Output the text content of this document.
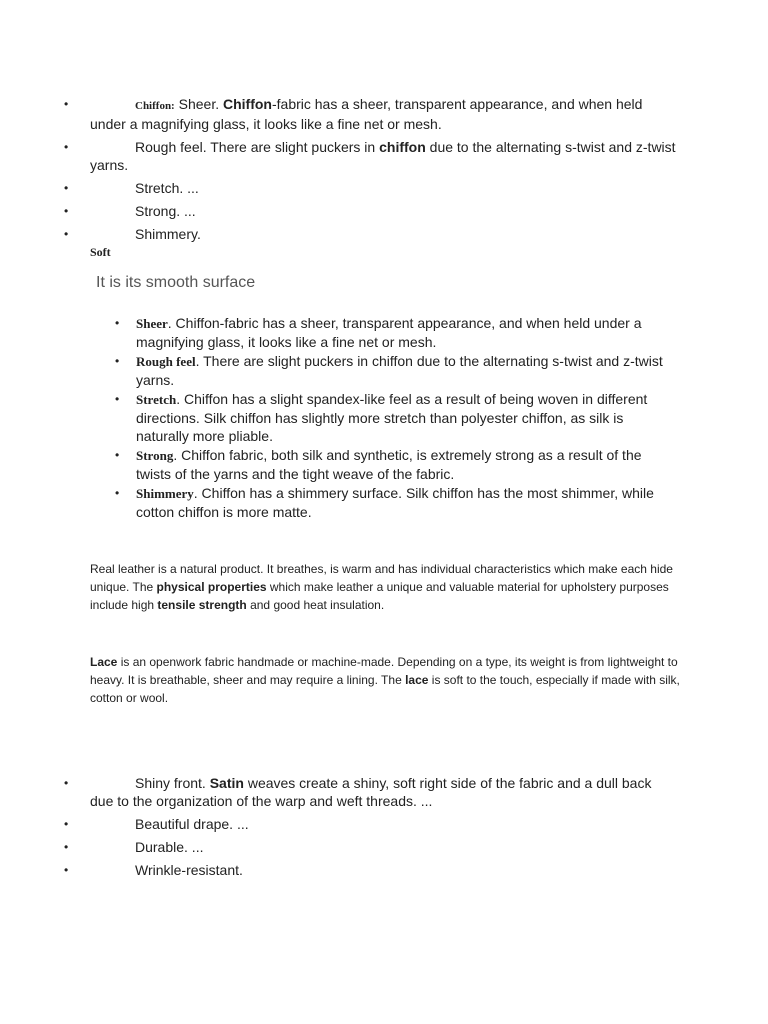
•	Chiffon: Sheer. Chiffon-fabric has a sheer, transparent appearance, and when held under a magnifying glass, it looks like a fine net or mesh.
•	Rough feel. There are slight puckers in chiffon due to the alternating s-twist and z-twist yarns.
•	Stretch. ...
•	Strong. ...
•	Shimmery.
Soft
It is its smooth surface
• Sheer. Chiffon-fabric has a sheer, transparent appearance, and when held under a magnifying glass, it looks like a fine net or mesh.
• Rough feel. There are slight puckers in chiffon due to the alternating s-twist and z-twist yarns.
• Stretch. Chiffon has a slight spandex-like feel as a result of being woven in different directions. Silk chiffon has slightly more stretch than polyester chiffon, as silk is naturally more pliable.
• Strong. Chiffon fabric, both silk and synthetic, is extremely strong as a result of the twists of the yarns and the tight weave of the fabric.
• Shimmery. Chiffon has a shimmery surface. Silk chiffon has the most shimmer, while cotton chiffon is more matte.
Real leather is a natural product. It breathes, is warm and has individual characteristics which make each hide unique. The physical properties which make leather a unique and valuable material for upholstery purposes include high tensile strength and good heat insulation.
Lace is an openwork fabric handmade or machine-made. Depending on a type, its weight is from lightweight to heavy. It is breathable, sheer and may require a lining. The lace is soft to the touch, especially if made with silk, cotton or wool.
•	Shiny front. Satin weaves create a shiny, soft right side of the fabric and a dull back due to the organization of the warp and weft threads. ...
•	Beautiful drape. ...
•	Durable. ...
•	Wrinkle-resistant.
